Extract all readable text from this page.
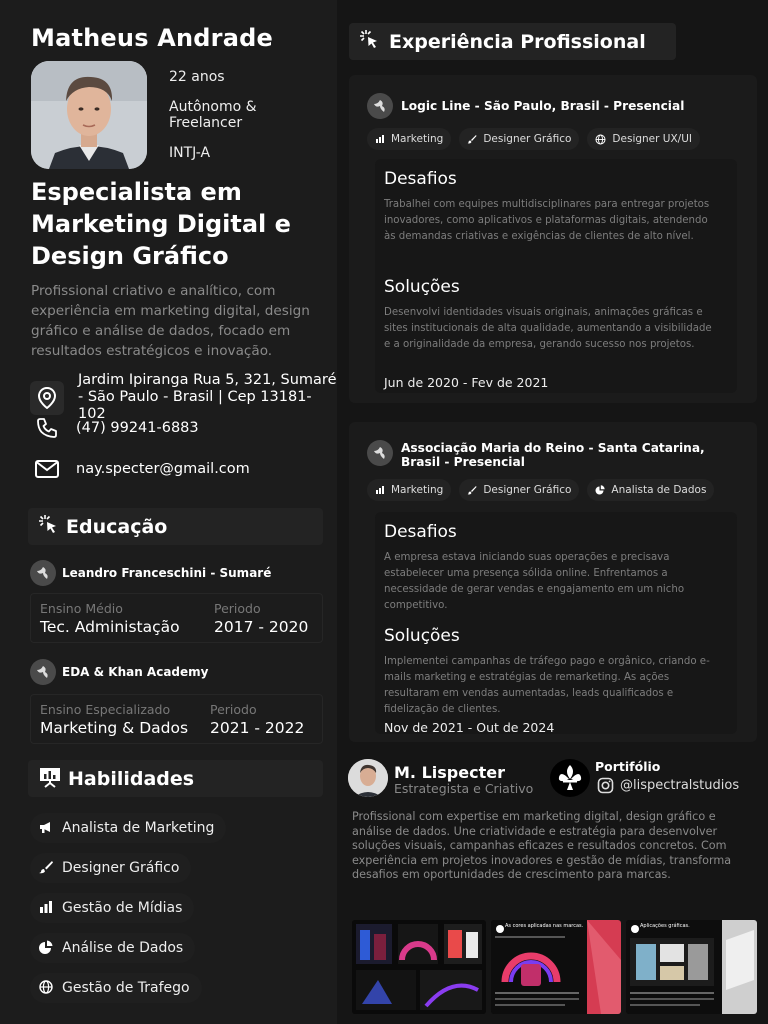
Matheus Andrade
22 anos
Autônomo & Freelancer
INTJ-A
Especialista em Marketing Digital e Design Gráfico
Profissional criativo e analítico, com experiência em marketing digital, design gráfico e análise de dados, focado em resultados estratégicos e inovação.
Jardim Ipiranga Rua 5, 321, Sumaré - São Paulo - Brasil | Cep 13181-102
(47) 99241-6883
nay.specter@gmail.com
Educação
Leandro Franceschini - Sumaré
Ensino Médio
Tec. Administação
Periodo
2017 - 2020
EDA & Khan Academy
Ensino Especializado
Marketing & Dados
Periodo
2021 - 2022
Habilidades
Analista de Marketing
Designer Gráfico
Gestão de Mídias
Análise de Dados
Gestão de Trafego
Experiência Profissional
Logic Line - São Paulo, Brasil - Presencial
Marketing	Designer Gráfico	Designer UX/UI
Desafios
Trabalhei com equipes multidisciplinares para entregar projetos inovadores, como aplicativos e plataformas digitais, atendendo às demandas criativas e exigências de clientes de alto nível.
Soluções
Desenvolvi identidades visuais originais, animações gráficas e sites institucionais de alta qualidade, aumentando a visibilidade e a originalidade da empresa, gerando sucesso nos projetos.
Jun de 2020 - Fev de 2021
Associação Maria do Reino - Santa Catarina, Brasil - Presencial
Marketing	Designer Gráfico	Analista de Dados
Desafios
A empresa estava iniciando suas operações e precisava estabelecer uma presença sólida online. Enfrentamos a necessidade de gerar vendas e engajamento em um nicho competitivo.
Soluções
Implementei campanhas de tráfego pago e orgânico, criando e-mails marketing e estratégias de remarketing. As ações resultaram em vendas aumentadas, leads qualificados e fidelização de clientes.
Nov de 2021 - Out de 2024
M. Lispecter
Estrategista e Criativo
Portifólio
@lispectralstudios
Profissional com expertise em marketing digital, design gráfico e análise de dados. Une criatividade e estratégia para desenvolver soluções visuais, campanhas eficazes e resultados concretos. Com experiência em projetos inovadores e gestão de mídias, transforma desafios em oportunidades de crescimento para marcas.
As cores aplicadas nas marcas.	Aplicações gráficas.
